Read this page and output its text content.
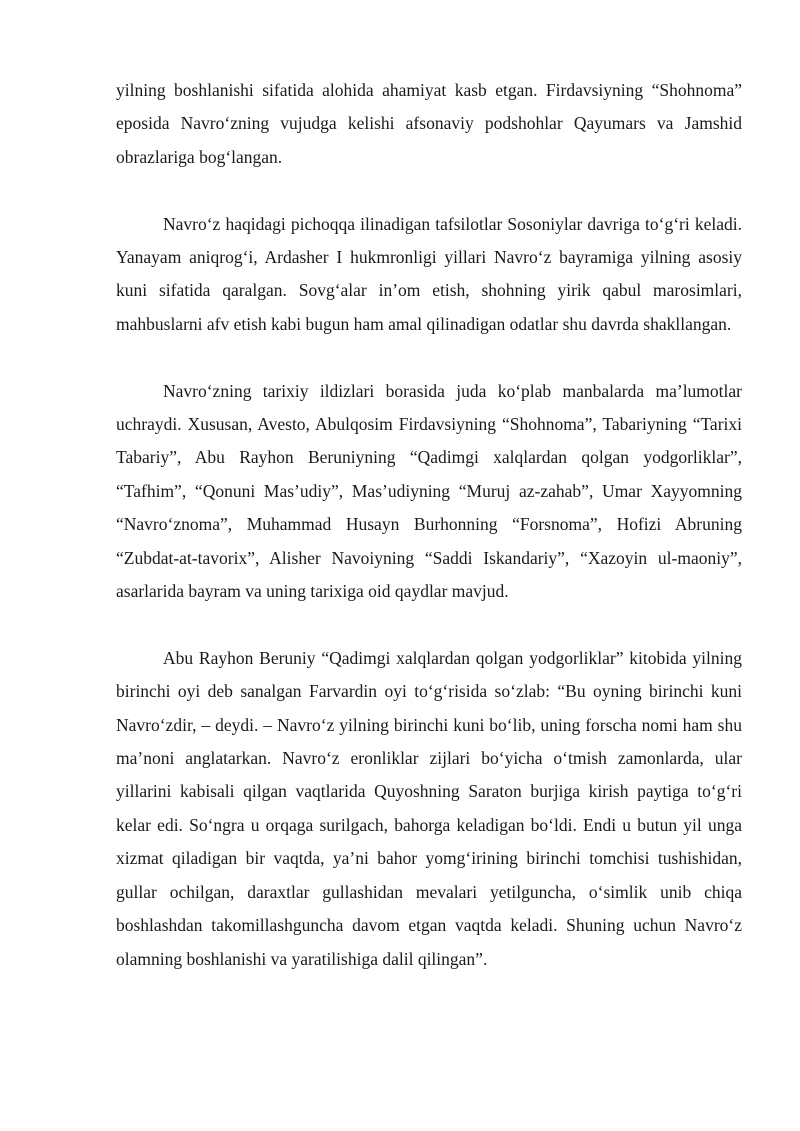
yilning boshlanishi sifatida alohida ahamiyat kasb etgan. Firdavsiyning “Shohnoma” eposida Navro‘zning vujudga kelishi afsonaviy podshohlar Qayumars va Jamshid obrazlariga bog‘langan.

Navro‘z haqidagi pichoqqa ilinadigan tafsilotlar Sosoniylar davriga to‘g‘ri keladi. Yanayam aniqrog‘i, Ardasher I hukmronligi yillari Navro‘z bayramiga yilning asosiy kuni sifatida qaralgan. Sovg‘alar in’om etish, shohning yirik qabul marosimlari, mahbuslarni afv etish kabi bugun ham amal qilinadigan odatlar shu davrda shakllangan.

Navro‘zning tarixiy ildizlari borasida juda ko‘plab manbalarda ma’lumotlar uchraydi. Xususan, Avesto, Abulqosim Firdavsiyning “Shohnoma”, Tabariyning “Tarixi Tabariy”, Abu Rayhon Beruniyning “Qadimgi xalqlardan qolgan yodgorliklar”, “Tafhim”, “Qonuni Mas’udiy”, Mas’udiyning “Muruj az-zahab”, Umar Xayyomning “Navro‘znoma”, Muhammad Husayn Burhonning “Forsnoma”, Hofizi Abruning “Zubdat-at-tavorix”, Alisher Navoiyning “Saddi Iskandariy”, “Xazoyin ul-maoniy”, asarlarida bayram va uning tarixiga oid qaydlar mavjud.

Abu Rayhon Beruniy “Qadimgi xalqlardan qolgan yodgorliklar” kitobida yilning birinchi oyi deb sanalgan Farvardin oyi to‘g‘risida so‘zlab: “Bu oyning birinchi kuni Navro‘zdir, – deydi. – Navro‘z yilning birinchi kuni bo‘lib, uning forscha nomi ham shu ma’noni anglatarkan. Navro‘z eronliklar zijlari bo‘yicha o‘tmish zamonlarda, ular yillarini kabisali qilgan vaqtlarida Quyoshning Saraton burjiga kirish paytiga to‘g‘ri kelar edi. So‘ngra u orqaga surilgach, bahorga keladigan bo‘ldi. Endi u butun yil unga xizmat qiladigan bir vaqtda, ya’ni bahor yomg‘irining birinchi tomchisi tushishidan, gullar ochilgan, daraxtlar gullashidan mevalari yetilguncha, o‘simlik unib chiqa boshlashdan takomillashguncha davom etgan vaqtda keladi. Shuning uchun Navro‘z olamning boshlanishi va yaratilishiga dalil qilingan”.
